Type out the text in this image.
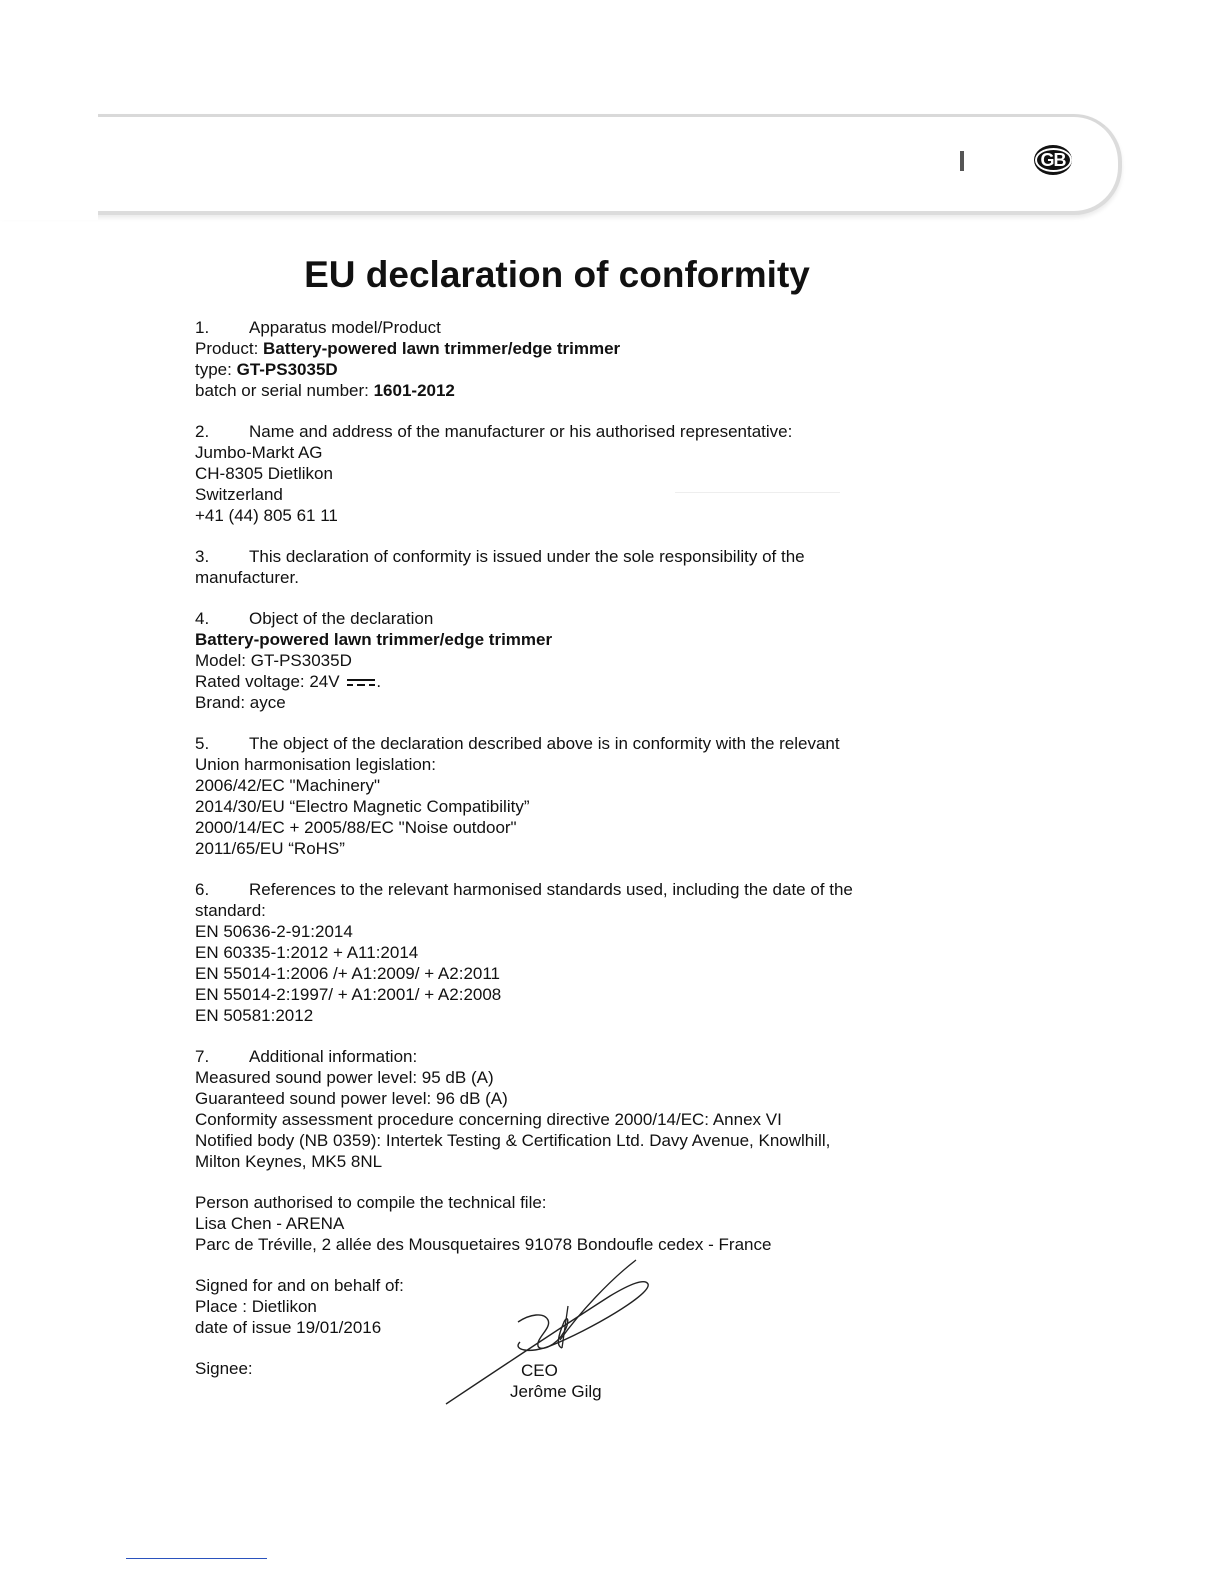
GB
EU declaration of conformity

1. Apparatus model/Product

Product: Battery-powered lawn trimmer/edge trimmer

type: GT-PS3035D

batch or serial number: 1601-2012

2. Name and address of the manufacturer or his authorised representative:

Jumbo-Markt AG

CH-8305 Dietlikon

Switzerland

+41 (44) 805 61 11

3. This declaration of conformity is issued under the sole responsibility of the

manufacturer.

4. Object of the declaration

Battery-powered lawn trimmer/edge trimmer

Model: GT-PS3035D

Rated voltage: 24V .

Brand: ayce

5. The object of the declaration described above is in conformity with the relevant

Union harmonisation legislation:

2006/42/EC "Machinery"

2014/30/EU “Electro Magnetic Compatibility”

2000/14/EC + 2005/88/EC "Noise outdoor"

2011/65/EU “RoHS”

6. References to the relevant harmonised standards used, including the date of the

standard:

EN 50636-2-91:2014

EN 60335-1:2012 + A11:2014

EN 55014-1:2006 /+ A1:2009/ + A2:2011

EN 55014-2:1997/ + A1:2001/ + A2:2008

EN 50581:2012

7. Additional information:

Measured sound power level: 95 dB (A)

Guaranteed sound power level: 96 dB (A)

Conformity assessment procedure concerning directive 2000/14/EC: Annex VI

Notified body (NB 0359): Intertek Testing & Certification Ltd. Davy Avenue, Knowlhill,

Milton Keynes, MK5 8NL

Person authorised to compile the technical file:

Lisa Chen - ARENA

Parc de Tréville, 2 allée des Mousquetaires 91078 Bondoufle cedex - France

Signed for and on behalf of:

Place : Dietlikon

date of issue 19/01/2016

Signee:	CEO
Jerôme Gilg
